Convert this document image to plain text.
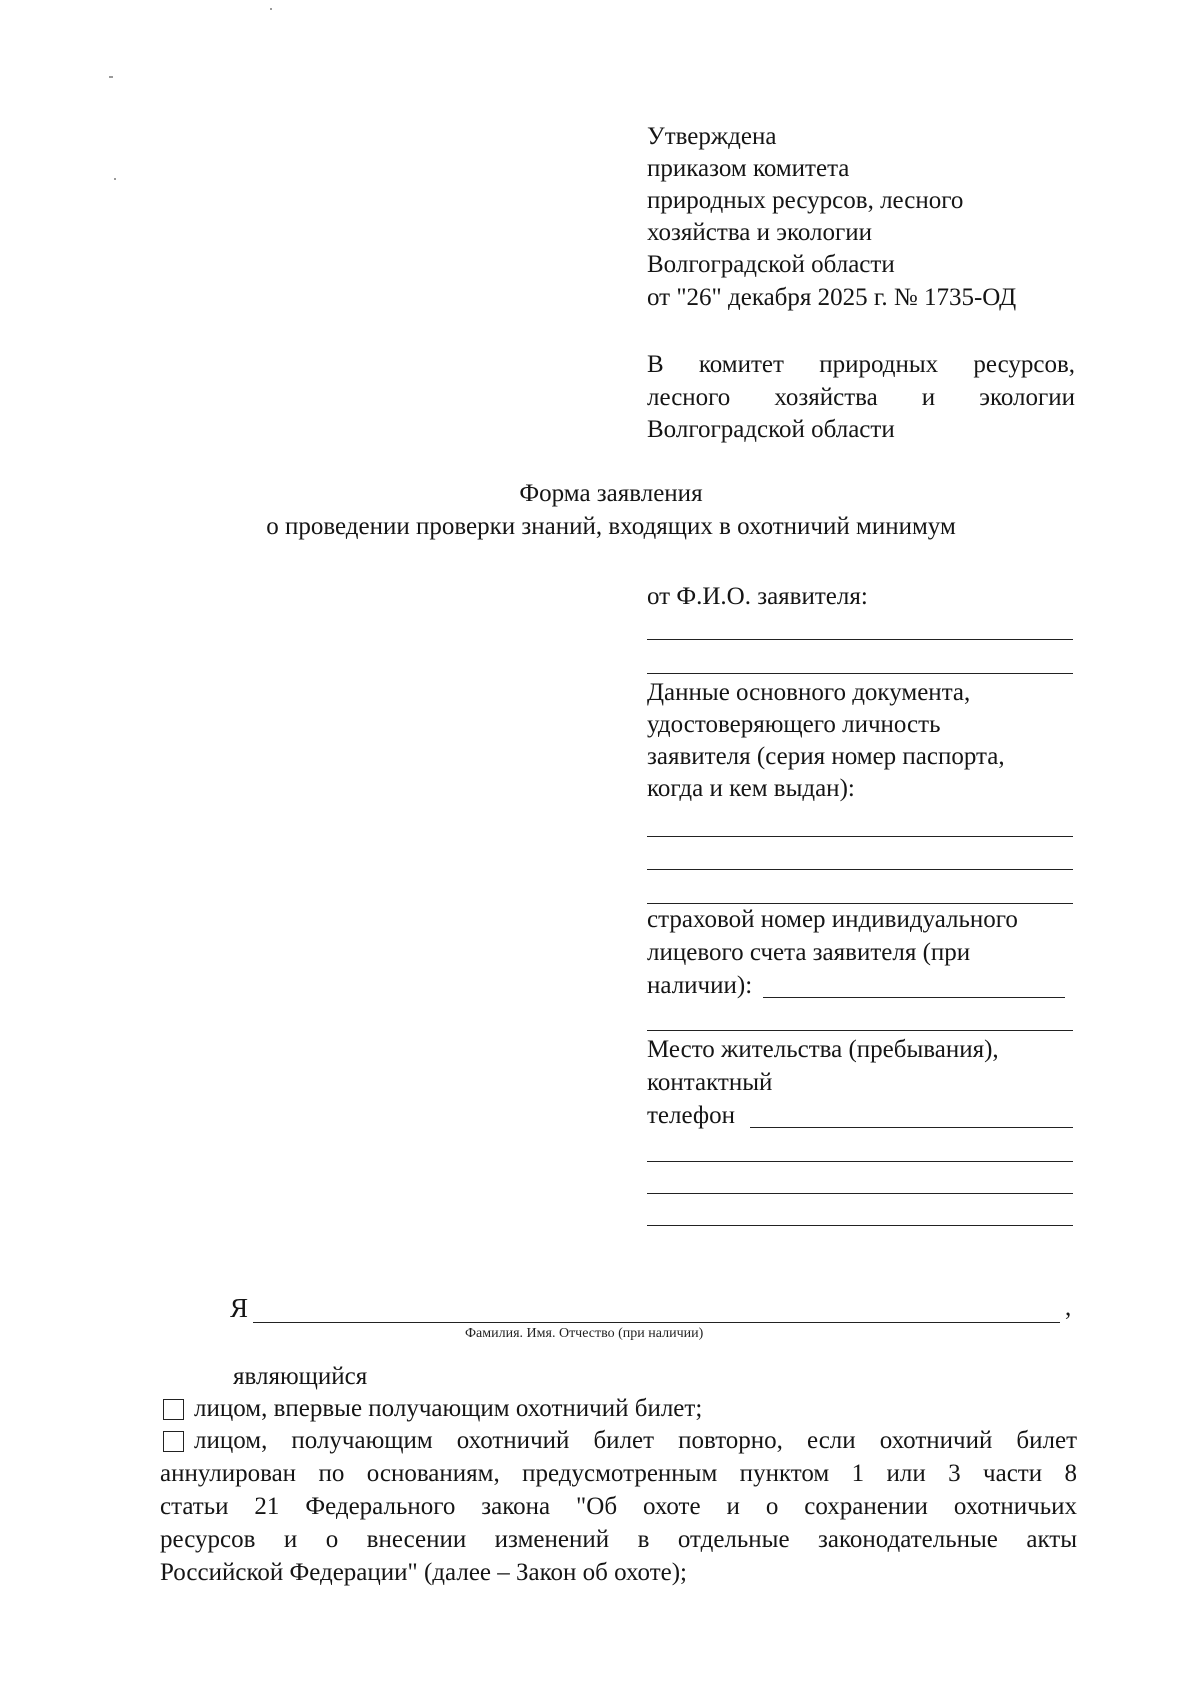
Утверждена
приказом комитета
природных ресурсов, лесного
хозяйства и экологии
Волгоградской области
от "26" декабря 2025 г. № 1735-ОД
В комитет природных ресурсов,
лесного хозяйства и экологии
Волгоградской области
Форма заявления
о проведении проверки знаний, входящих в охотничий минимум
от Ф.И.О. заявителя:
Данные основного документа,
удостоверяющего личность
заявителя (серия номер паспорта,
когда и кем выдан):
страховой номер индивидуального
лицевого счета заявителя (при
наличии):
Место жительства (пребывания),
контактный
телефон
Я	,
Фамилия. Имя. Отчество (при наличии)
являющийся
лицом, впервые получающим охотничий билет;
лицом, получающим охотничий билет повторно, если охотничий билет
аннулирован по основаниям, предусмотренным пунктом 1 или 3 части 8
статьи 21 Федерального закона "Об охоте и о сохранении охотничьих
ресурсов и о внесении изменений в отдельные законодательные акты
Российской Федерации" (далее – Закон об охоте);
